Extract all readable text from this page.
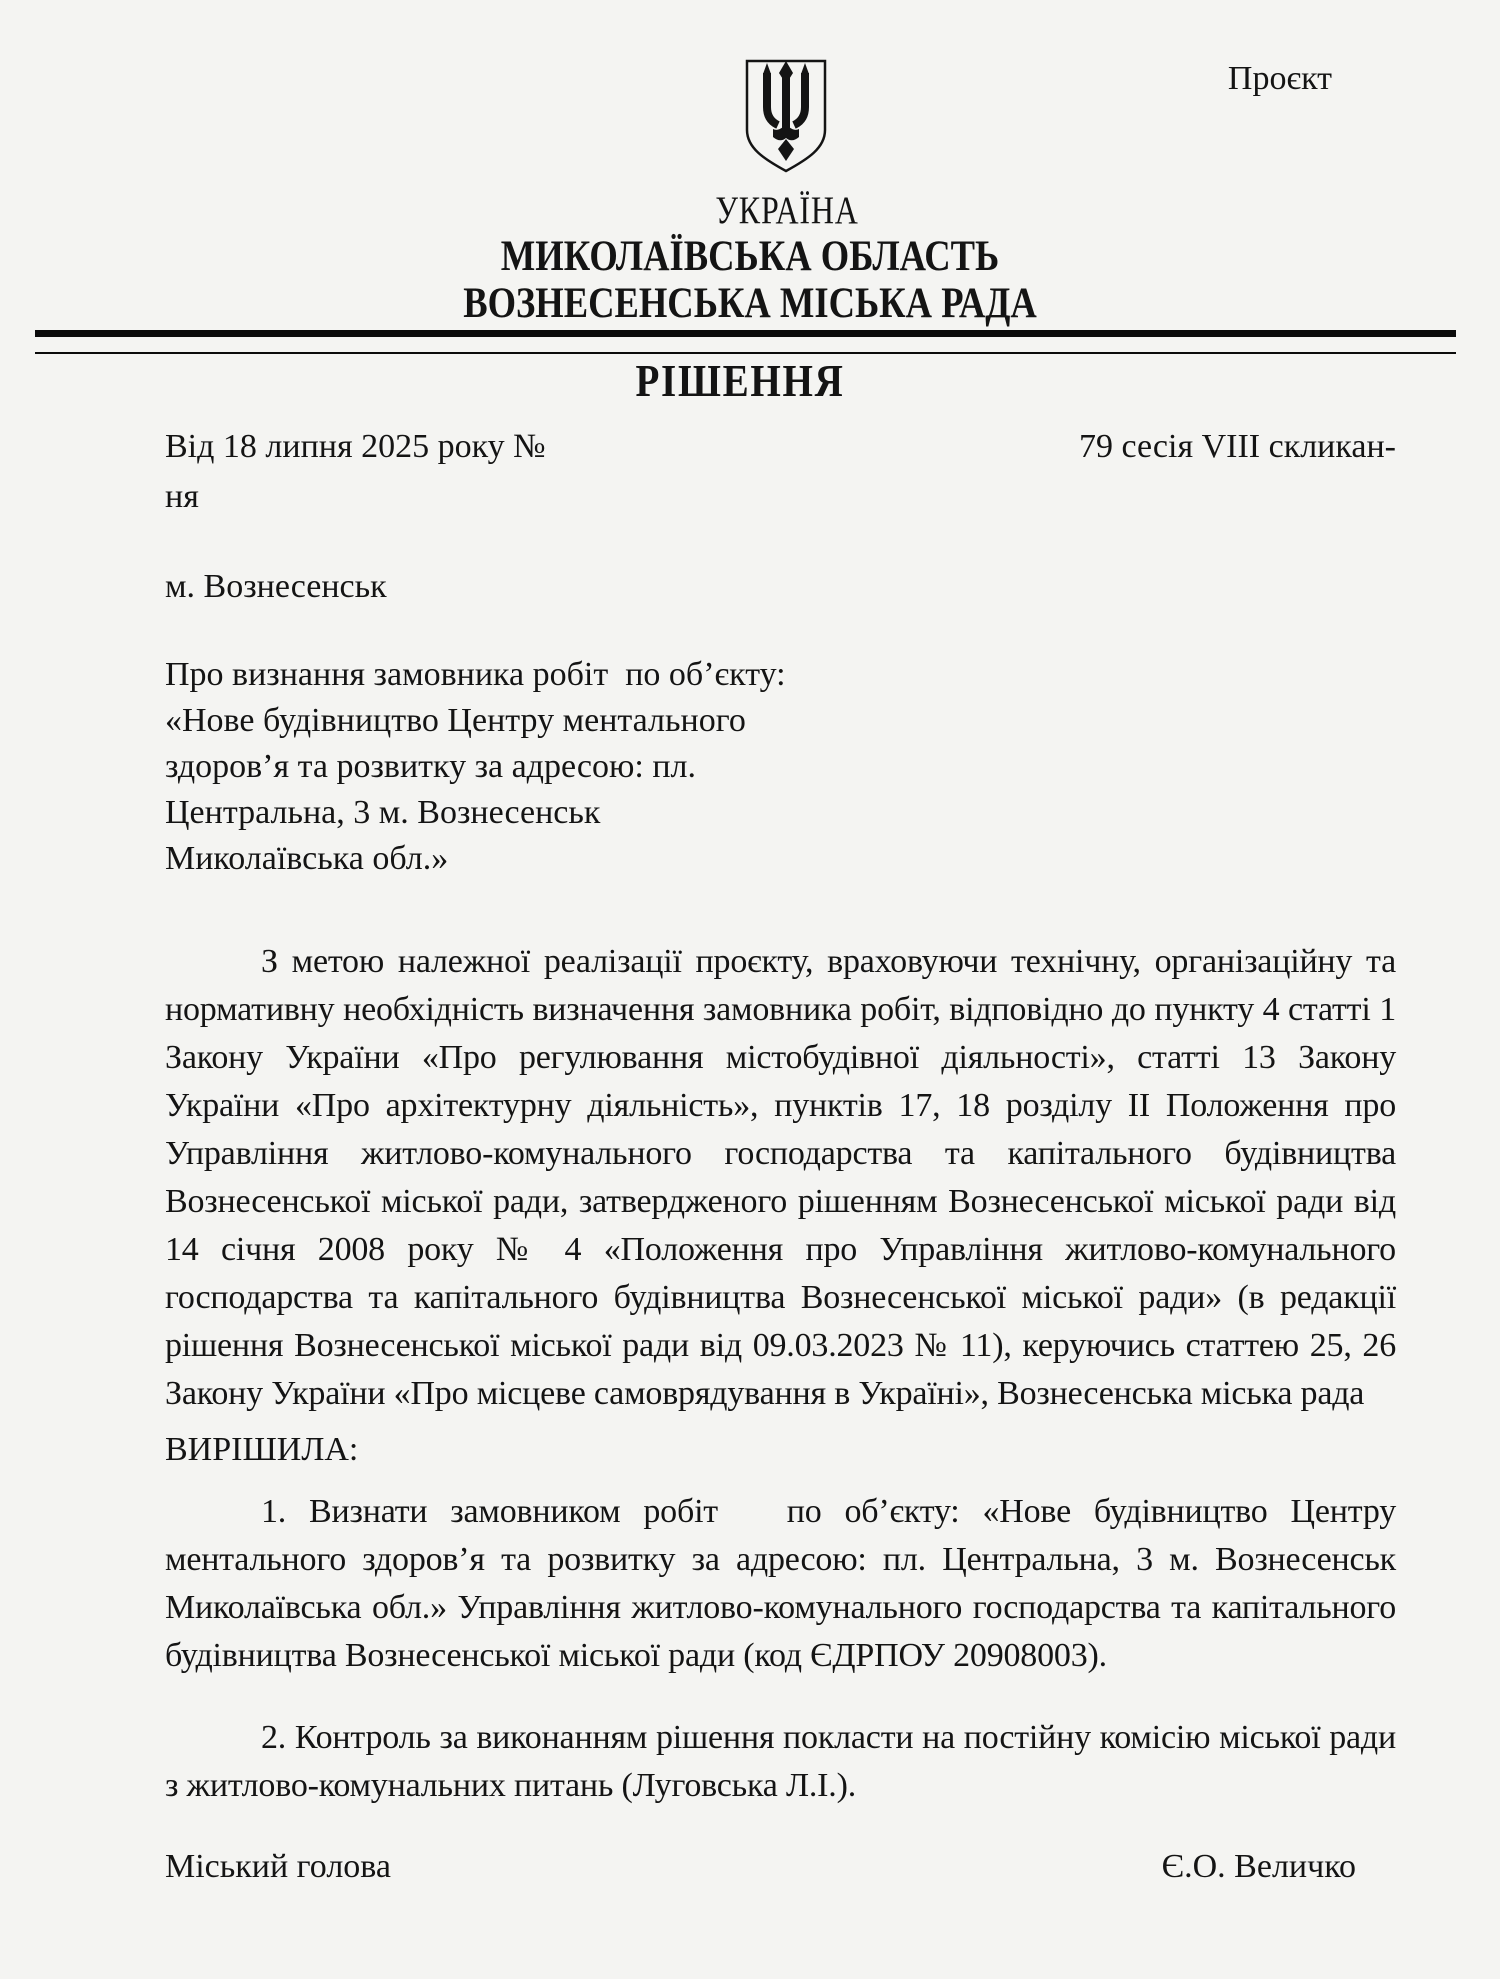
Проєкт
УКРАЇНА
МИКОЛАЇВСЬКА ОБЛАСТЬ
ВОЗНЕСЕНСЬКА МІСЬКА РАДА
РІШЕННЯ
Від 18 липня 2025 року №	79 сесія VIII скликан-
ня
м. Вознесенськ
Про визнання замовника робіт  по об’єкту:
«Нове будівництво Центру ментального
здоров’я та розвитку за адресою: пл.
Центральна, 3 м. Вознесенськ
Миколаївська обл.»

З метою належної реалізації проєкту, враховуючи технічну, організаційну та нормативну необхідність визначення замовника робіт, відповідно до пункту 4 статті 1 Закону України «Про регулювання містобудівної діяльності», статті 13 Закону України «Про архітектурну діяльність», пунктів 17, 18 розділу II Положення про Управління житлово-комунального господарства та капітального будівництва Вознесенської міської ради, затвердженого рішенням Вознесенської міської ради від 14 січня 2008 року № 4 «Положення про Управління житлово-комунального господарства та капітального будівництва Вознесенської міської ради» (в редакції рішення Вознесенської міської ради від 09.03.2023 № 11), керуючись статтею 25, 26 Закону України «Про місцеве самоврядування в Україні», Вознесенська міська рада

ВИРІШИЛА:

1. Визнати замовником робіт   по об’єкту: «Нове будівництво Центру ментального здоров’я та розвитку за адресою: пл. Центральна, 3 м. Вознесенськ Миколаївська обл.» Управління житлово-комунального господарства та капітального будівництва Вознесенської міської ради (код ЄДРПОУ 20908003).

2. Контроль за виконанням рішення покласти на постійну комісію міської ради з житлово-комунальних питань (Луговська Л.І.).

Міський голова	Є.О. Величко
